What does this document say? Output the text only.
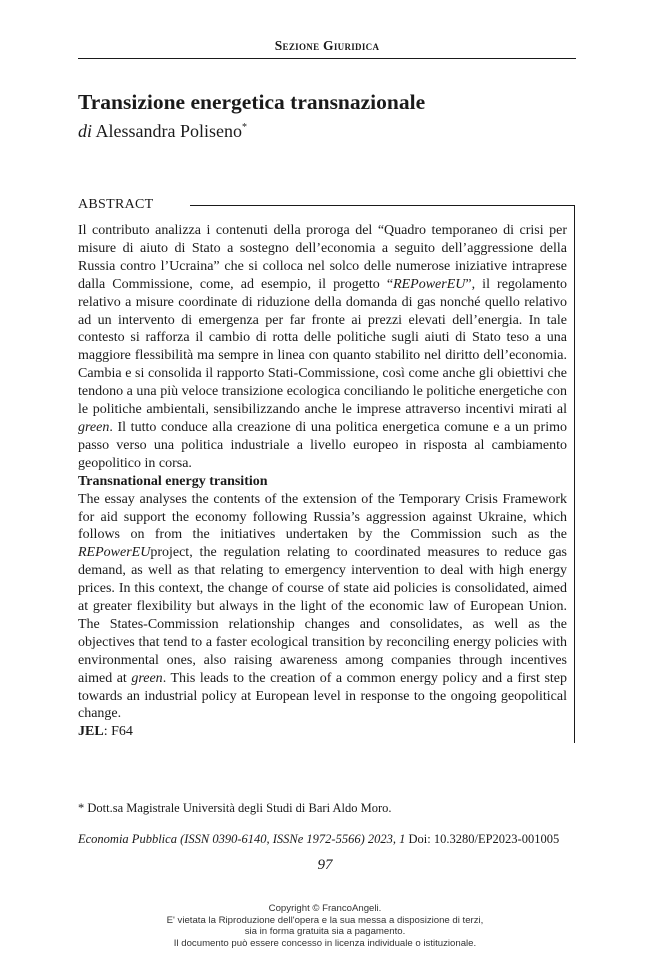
Sezione Giuridica
Transizione energetica transnazionale
di Alessandra Poliseno*
ABSTRACT

Il contributo analizza i contenuti della proroga del “Quadro temporaneo di crisi per misure di aiuto di Stato a sostegno dell’economia a seguito dell’aggressione della Russia contro l’Ucraina” che si colloca nel solco delle numerose iniziative intraprese dalla Commissione, come, ad esempio, il progetto “REPowerEU”, il regolamento relativo a misure coordinate di riduzione della domanda di gas nonché quello relativo ad un intervento di emergenza per far fronte ai prezzi elevati dell’energia. In tale contesto si rafforza il cambio di rotta delle politiche sugli aiuti di Stato teso a una maggiore flessibilità ma sempre in linea con quanto stabilito nel diritto dell’economia. Cambia e si consolida il rapporto Stati-Commissione, così come anche gli obiettivi che tendono a una più veloce transizione ecologica conciliando le politiche energetiche con le politiche ambientali, sensibilizzando anche le imprese attraverso incentivi mirati al green. Il tutto conduce alla creazione di una politica energetica comune e a un primo passo verso una politica industriale a livello europeo in risposta al cambiamento geopolitico in corsa.

Transnational energy transition

The essay analyses the contents of the extension of the Temporary Crisis Framework for aid support the economy following Russia’s aggression against Ukraine, which follows on from the initiatives undertaken by the Commission such as the REPowerEUproject, the regulation relating to coordinated measures to reduce gas demand, as well as that relating to emergency intervention to deal with high energy prices. In this context, the change of course of state aid policies is consolidated, aimed at greater flexibility but always in the light of the economic law of European Union. The States-Commission relationship changes and consolidates, as well as the objectives that tend to a faster ecological transition by reconciling energy policies with environmental ones, also raising awareness among companies through incentives aimed at green. This leads to the creation of a common energy policy and a first step towards an industrial policy at European level in response to the ongoing geopolitical change.

JEL: F64
* Dott.sa Magistrale Università degli Studi di Bari Aldo Moro.
Economia Pubblica (ISSN 0390-6140, ISSNe 1972-5566) 2023, 1 Doi: 10.3280/EP2023-001005
97
Copyright © FrancoAngeli.
E' vietata la Riproduzione dell'opera e la sua messa a disposizione di terzi,
sia in forma gratuita sia a pagamento.
Il documento può essere concesso in licenza individuale o istituzionale.
